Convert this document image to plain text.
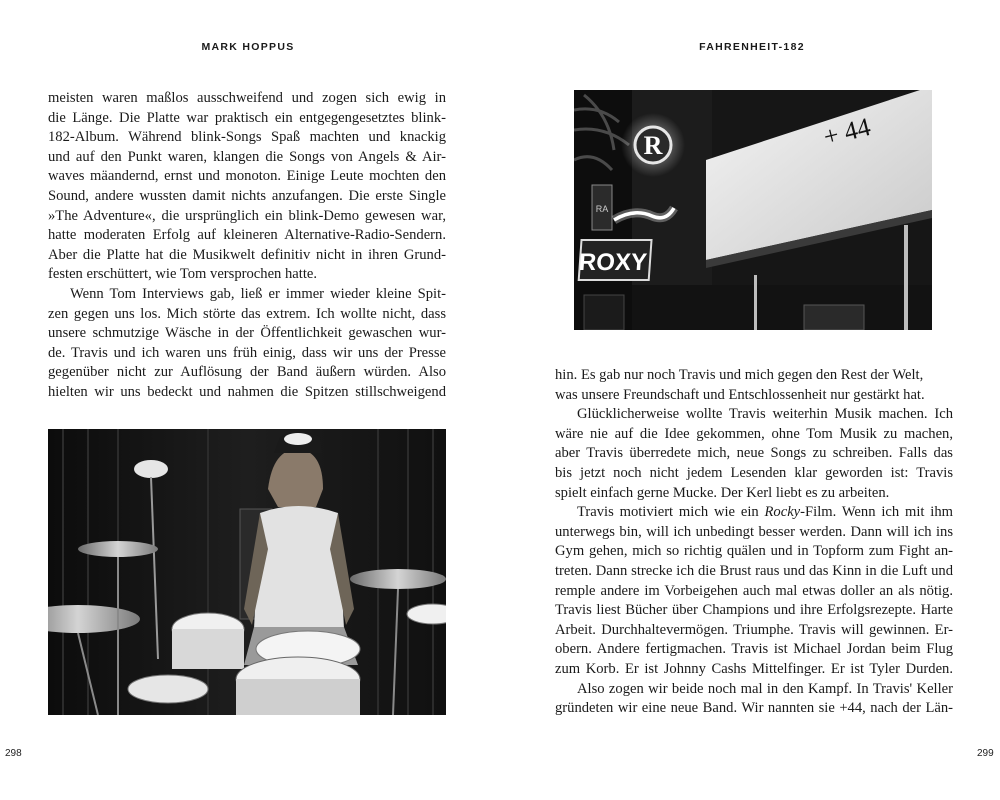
MARK HOPPUS	FAHRENHEIT-182
meisten waren maßlos ausschweifend und zogen sich ewig in
die Länge. Die Platte war praktisch ein entgegengesetztes blink-
182-Album. Während blink-Songs Spaß machten und knackig
und auf den Punkt waren, klangen die Songs von Angels & Air-
waves mäandernd, ernst und monoton. Einige Leute mochten den
Sound, andere wussten damit nichts anzufangen. Die erste Single
»The Adventure«, die ursprünglich ein blink-Demo gewesen war,
hatte moderaten Erfolg auf kleineren Alternative-Radio-Sendern.
Aber die Platte hat die Musikwelt definitiv nicht in ihren Grund-
festen erschüttert, wie Tom versprochen hatte.
Wenn Tom Interviews gab, ließ er immer wieder kleine Spit-
zen gegen uns los. Mich störte das extrem. Ich wollte nicht, dass
unsere schmutzige Wäsche in der Öffentlichkeit gewaschen wur-
de. Travis und ich waren uns früh einig, dass wir uns der Presse
gegenüber nicht zur Auflösung der Band äußern würden. Also
hielten wir uns bedeckt und nahmen die Spitzen stillschweigend
R
RA
ROXY
+ 44
hin. Es gab nur noch Travis und mich gegen den Rest der Welt,
was unsere Freundschaft und Entschlossenheit nur gestärkt hat.
Glücklicherweise wollte Travis weiterhin Musik machen. Ich
wäre nie auf die Idee gekommen, ohne Tom Musik zu machen,
aber Travis überredete mich, neue Songs zu schreiben. Falls das
bis jetzt noch nicht jedem Lesenden klar geworden ist: Travis
spielt einfach gerne Mucke. Der Kerl liebt es zu arbeiten.
Travis motiviert mich wie ein Rocky-Film. Wenn ich mit ihm
unterwegs bin, will ich unbedingt besser werden. Dann will ich ins
Gym gehen, mich so richtig quälen und in Topform zum Fight an-
treten. Dann strecke ich die Brust raus und das Kinn in die Luft und
remple andere im Vorbeigehen auch mal etwas doller an als nötig.
Travis liest Bücher über Champions und ihre Erfolgsrezepte. Harte
Arbeit. Durchhaltevermögen. Triumphe. Travis will gewinnen. Er-
obern. Andere fertigmachen. Travis ist Michael Jordan beim Flug
zum Korb. Er ist Johnny Cashs Mittelfinger. Er ist Tyler Durden.
Also zogen wir beide noch mal in den Kampf. In Travis' Keller
gründeten wir eine neue Band. Wir nannten sie +44, nach der Län-
298	299
